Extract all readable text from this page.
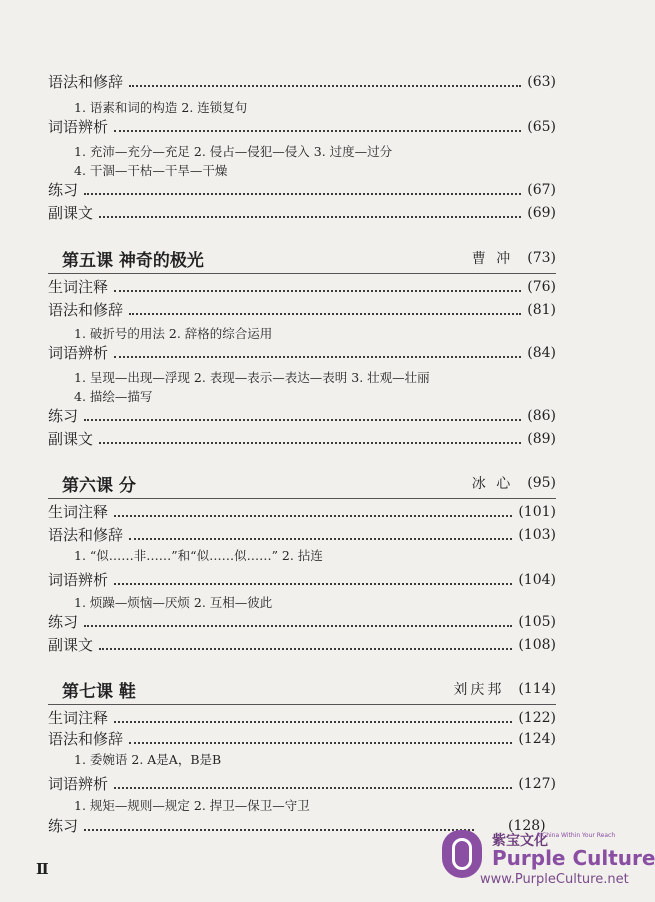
语法和修辞	(63)
1. 语素和词的构造 2. 连锁复句
词语辨析	(65)
1. 充沛—充分—充足 2. 侵占—侵犯—侵入 3. 过度—过分
4. 干涸—干枯—干旱—干燥
练习	(67)
副课文	(69)
第五课 神奇的极光	曹 冲 (73)
生词注释	(76)
语法和修辞	(81)
1. 破折号的用法 2. 辞格的综合运用
词语辨析	(84)
1. 呈现—出现—浮现 2. 表现—表示—表达—表明 3. 壮观—壮丽
4. 描绘—描写
练习	(86)
副课文	(89)
第六课 分	冰 心 (95)
生词注释	(101)
语法和修辞	(103)
1. “似……非……”和“似……似……” 2. 拈连
词语辨析	(104)
1. 烦躁—烦恼—厌烦 2. 互相—彼此
练习	(105)
副课文	(108)
第七课 鞋	刘庆邦 (114)
生词注释	(122)
语法和修辞	(124)
1. 委婉语 2. A是A，B是B
词语辨析	(127)
1. 规矩—规则—规定 2. 捍卫—保卫—守卫
练习	(128)
Ⅱ
紫宝文化
A China Within Your Reach
Purple Culture
www.PurpleCulture.net
